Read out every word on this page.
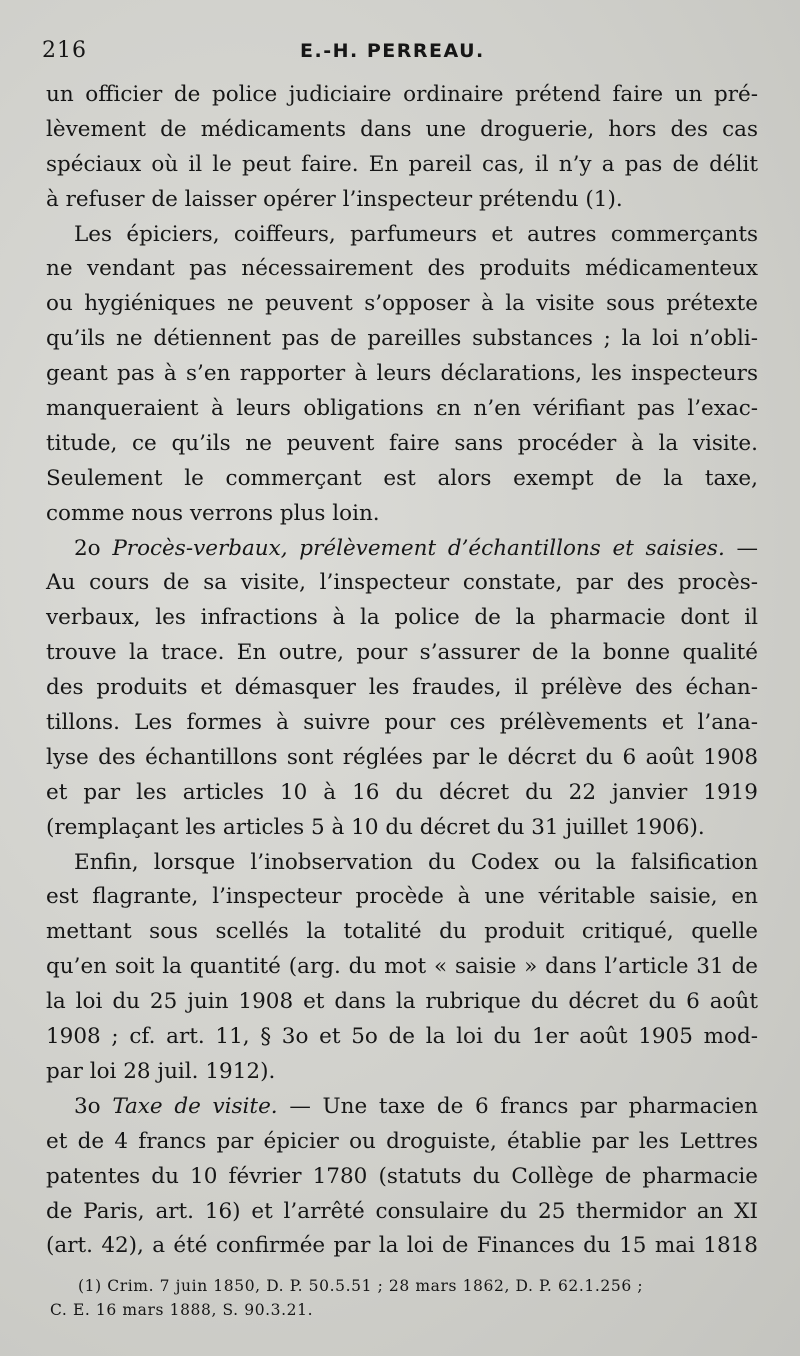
216	E.-H. PERREAU.
un officier de police judiciaire ordinaire prétend faire un pré-
lèvement de médicaments dans une droguerie, hors des cas
spéciaux où il le peut faire. En pareil cas, il n’y a pas de délit
à refuser de laisser opérer l’inspecteur prétendu (1).
Les épiciers, coiffeurs, parfumeurs et autres commerçants
ne vendant pas nécessairement des produits médicamenteux
ou hygiéniques ne peuvent s’opposer à la visite sous prétexte
qu’ils ne détiennent pas de pareilles substances ; la loi n’obli-
geant pas à s’en rapporter à leurs déclarations, les inspecteurs
manqueraient à leurs obligations εn n’en vérifiant pas l’exac-
titude, ce qu’ils ne peuvent faire sans procéder à la visite.
Seulement le commerçant est alors exempt de la taxe,
comme nous verrons plus loin.
2o Procès-verbaux, prélèvement d’échantillons et saisies. —
Au cours de sa visite, l’inspecteur constate, par des procès-
verbaux, les infractions à la police de la pharmacie dont il
trouve la trace. En outre, pour s’assurer de la bonne qualité
des produits et démasquer les fraudes, il prélève des échan-
tillons. Les formes à suivre pour ces prélèvements et l’ana-
lyse des échantillons sont réglées par le décrεt du 6 août 1908
et par les articles 10 à 16 du décret du 22 janvier 1919
(remplaçant les articles 5 à 10 du décret du 31 juillet 1906).
Enfin, lorsque l’inobservation du Codex ou la falsification
est flagrante, l’inspecteur procède à une véritable saisie, en
mettant sous scellés la totalité du produit critiqué, quelle
qu’en soit la quantité (arg. du mot « saisie » dans l’article 31 de
la loi du 25 juin 1908 et dans la rubrique du décret du 6 août
1908 ; cf. art. 11, § 3o et 5o de la loi du 1er août 1905 mod-
par loi 28 juil. 1912).
3o Taxe de visite. — Une taxe de 6 francs par pharmacien
et de 4 francs par épicier ou droguiste, établie par les Lettres
patentes du 10 février 1780 (statuts du Collège de pharmacie
de Paris, art. 16) et l’arrêté consulaire du 25 thermidor an XI
(art. 42), a été confirmée par la loi de Finances du 15 mai 1818
(1) Crim. 7 juin 1850, D. P. 50.5.51 ; 28 mars 1862, D. P. 62.1.256 ;
C. E. 16 mars 1888, S. 90.3.21.
